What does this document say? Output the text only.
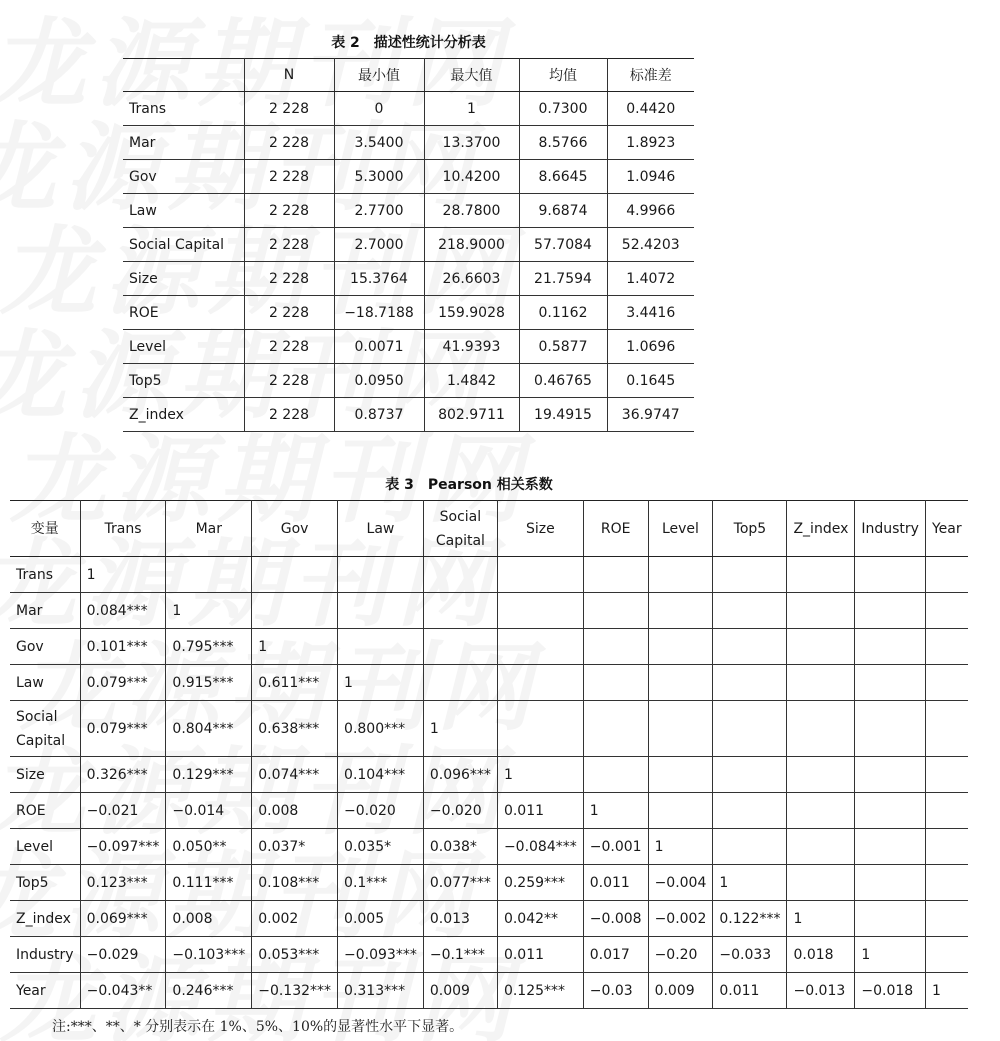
表 2　描述性统计分析表
	N	最小值	最大值	均值	标准差
Trans	2 228	0	1	0.7300	0.4420
Mar	2 228	3.5400	13.3700	8.5766	1.8923
Gov	2 228	5.3000	10.4200	8.6645	1.0946
Law	2 228	2.7700	28.7800	9.6874	4.9966
Social Capital	2 228	2.7000	218.9000	57.7084	52.4203
Size	2 228	15.3764	26.6603	21.7594	1.4072
ROE	2 228	−18.7188	159.9028	0.1162	3.4416
Level	2 228	0.0071	41.9393	0.5877	1.0696
Top5	2 228	0.0950	1.4842	0.46765	0.1645
Z_index	2 228	0.8737	802.9711	19.4915	36.9747
表 3　Pearson 相关系数
变量	Trans	Mar	Gov	Law	Social Capital	Size	ROE	Level	Top5	Z_index	Industry	Year
Trans	1											
Mar	0.084***	1										
Gov	0.101***	0.795***	1									
Law	0.079***	0.915***	0.611***	1								
Social Capital	0.079***	0.804***	0.638***	0.800***	1							
Size	0.326***	0.129***	0.074***	0.104***	0.096***	1						
ROE	−0.021	−0.014	0.008	−0.020	−0.020	0.011	1					
Level	−0.097***	0.050**	0.037*	0.035*	0.038*	−0.084***	−0.001	1				
Top5	0.123***	0.111***	0.108***	0.1***	0.077***	0.259***	0.011	−0.004	1			
Z_index	0.069***	0.008	0.002	0.005	0.013	0.042**	−0.008	−0.002	0.122***	1		
Industry	−0.029	−0.103***	0.053***	−0.093***	−0.1***	0.011	0.017	−0.20	−0.033	0.018	1	
Year	−0.043**	0.246***	−0.132***	0.313***	0.009	0.125***	−0.03	0.009	0.011	−0.013	−0.018	1
注:***、**、* 分别表示在 1%、5%、10%的显著性水平下显著。
